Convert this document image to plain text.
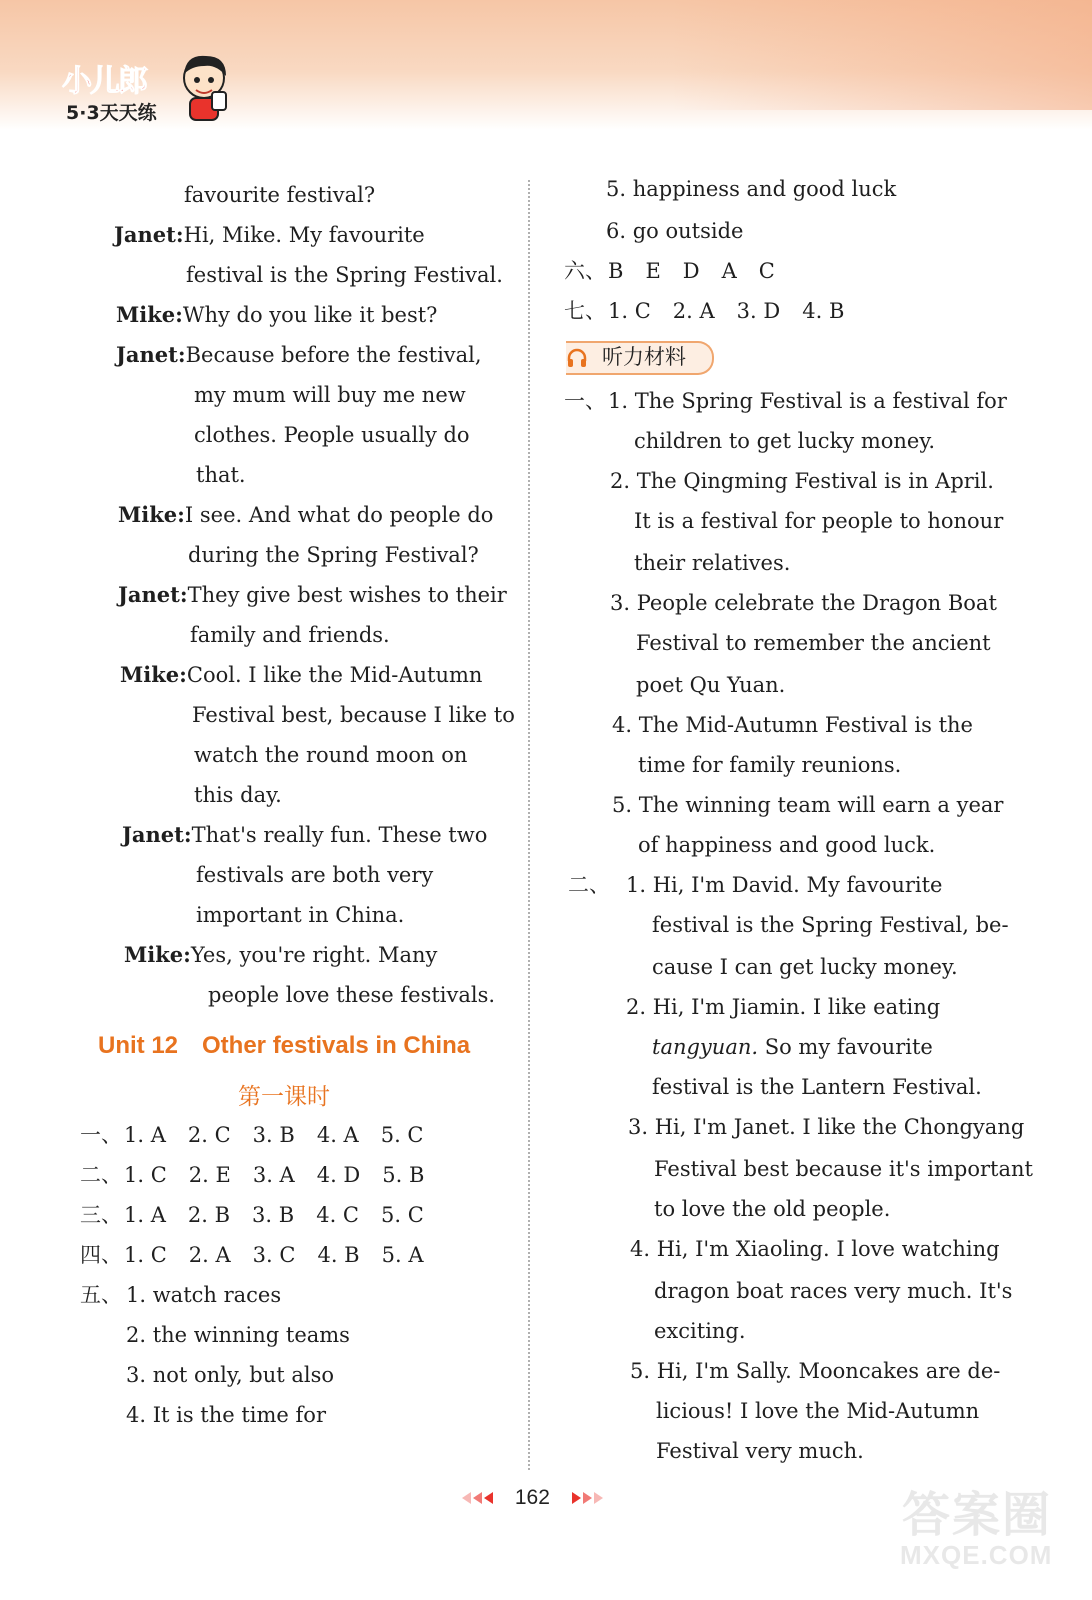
小儿郎
5·3天天练
favourite festival?
Janet:Hi, Mike. My favourite
festival is the Spring Festival.
Mike:Why do you like it best?
Janet:Because before the festival,
my mum will buy me new
clothes. People usually do
that.
Mike:I see. And what do people do
during the Spring Festival?
Janet:They give best wishes to their
family and friends.
Mike:Cool. I like the Mid-Autumn
Festival best, because I like to
watch the round moon on
this day.
Janet:That's really fun. These two
festivals are both very
important in China.
Mike:Yes, you're right. Many
people love these festivals.
Unit 12 Other festivals in China
第一课时
一、1. A 2. C 3. B 4. A 5. C
二、1. C 2. E 3. A 4. D 5. B
三、1. A 2. B 3. B 4. C 5. C
四、1. C 2. A 3. C 4. B 5. A
五、 1. watch races
2. the winning teams
3. not only, but also
4. It is the time for
5. happiness and good luck
6. go outside
六、B E D A C
七、1. C 2. A 3. D 4. B
听力材料
一、 1. The Spring Festival is a festival for
children to get lucky money.
2. The Qingming Festival is in April.
It is a festival for people to honour
their relatives.
3. People celebrate the Dragon Boat
Festival to remember the ancient
poet Qu Yuan.
4. The Mid-Autumn Festival is the
time for family reunions.
5. The winning team will earn a year
of happiness and good luck.
二、 1. Hi, I'm David. My favourite
festival is the Spring Festival, be-
cause I can get lucky money.
2. Hi, I'm Jiamin. I like eating
tangyuan. So my favourite
festival is the Lantern Festival.
3. Hi, I'm Janet. I like the Chongyang
Festival best because it's important
to love the old people.
4. Hi, I'm Xiaoling. I love watching
dragon boat races very much. It's
exciting.
5. Hi, I'm Sally. Mooncakes are de-
licious! I love the Mid-Autumn
Festival very much.
162	答案圈
MXQE.COM
